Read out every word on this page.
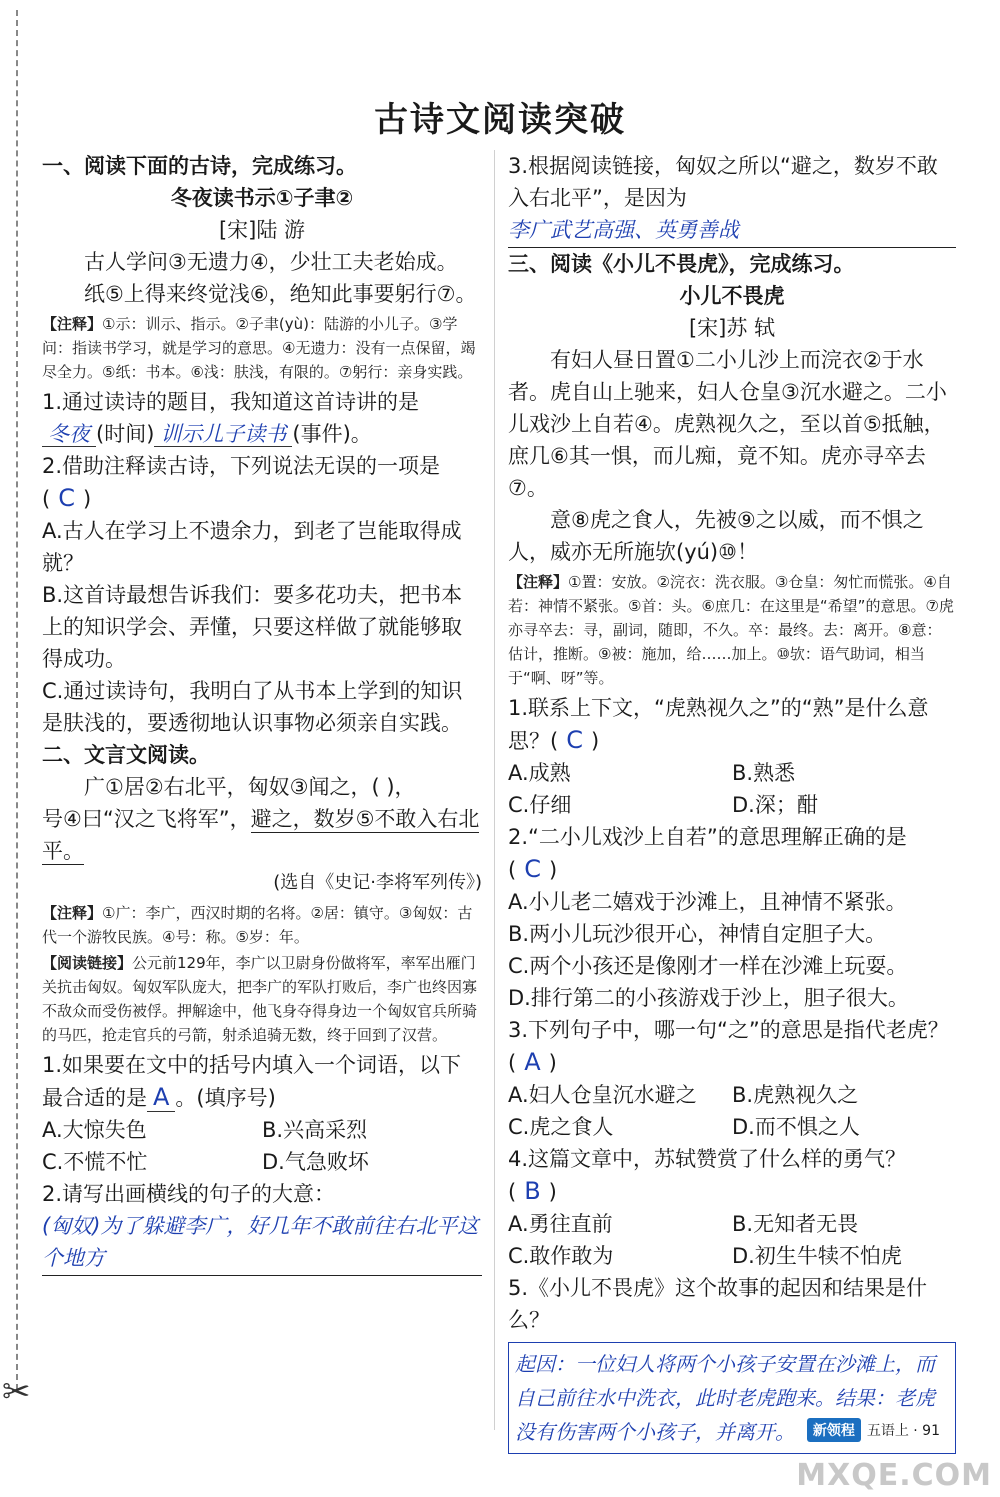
✂
古诗文阅读突破

一、阅读下面的古诗，完成练习。

冬夜读书示①子聿②

[宋]陆 游

古人学问③无遗力④，少壮工夫老始成。

纸⑤上得来终觉浅⑥，绝知此事要躬行⑦。

【注释】①示：训示、指示。②子聿(yù)：陆游的小儿子。③学问：指读书学习，就是学习的意思。④无遗力：没有一点保留，竭尽全力。⑤纸：书本。⑥浅：肤浅，有限的。⑦躬行：亲身实践。

1.通过读诗的题目，我知道这首诗讲的是

冬夜 (时间) 训示儿子读书 (事件)。

2.借助注释读古诗，下列说法无误的一项是

( C )

A.古人在学习上不遗余力，到老了岂能取得成就？

B.这首诗最想告诉我们：要多花功夫，把书本上的知识学会、弄懂，只要这样做了就能够取得成功。

C.通过读诗句，我明白了从书本上学到的知识是肤浅的，要透彻地认识事物必须亲自实践。

二、文言文阅读。

广①居②右北平，匈奴③闻之，( )，

号④曰“汉之飞将军”，避之，数岁⑤不敢入右北平。

(选自《史记·李将军列传》)

【注释】①广：李广，西汉时期的名将。②居：镇守。③匈奴：古代一个游牧民族。④号：称。⑤岁：年。

【阅读链接】公元前129年，李广以卫尉身份做将军，率军出雁门关抗击匈奴。匈奴军队庞大，把李广的军队打败后，李广也终因寡不敌众而受伤被俘。押解途中，他飞身夺得身边一个匈奴官兵所骑的马匹，抢走官兵的弓箭，射杀追骑无数，终于回到了汉营。

1.如果要在文中的括号内填入一个词语，以下最合适的是 A 。(填序号)

A.大惊失色	B.兴高采烈
C.不慌不忙	D.气急败坏

2.请写出画横线的句子的大意：

(匈奴)为了躲避李广，好几年不敢前往右北平这个地方

3.根据阅读链接，匈奴之所以“避之，数岁不敢入右北平”，是因为

李广武艺高强、英勇善战

三、阅读《小儿不畏虎》，完成练习。

小儿不畏虎

[宋]苏 轼

有妇人昼日置①二小儿沙上而浣衣②于水者。虎自山上驰来，妇人仓皇③沉水避之。二小儿戏沙上自若④。虎熟视久之，至以首⑤抵触，庶几⑥其一惧，而儿痴，竟不知。虎亦寻卒去⑦。

意⑧虎之食人，先被⑨之以威，而不惧之人，威亦无所施欤(yú)⑩！

【注释】①置：安放。②浣衣：洗衣服。③仓皇：匆忙而慌张。④自若：神情不紧张。⑤首：头。⑥庶几：在这里是“希望”的意思。⑦虎亦寻卒去：寻，副词，随即，不久。卒：最终。去：离开。⑧意：估计，推断。⑨被：施加，给……加上。⑩欤：语气助词，相当于“啊、呀”等。

1.联系上下文，“虎熟视久之”的“熟”是什么意思？( C )

A.成熟	B.熟悉
C.仔细	D.深；酣

2.“二小儿戏沙上自若”的意思理解正确的是

( C )

A.小儿老二嬉戏于沙滩上，且神情不紧张。

B.两小儿玩沙很开心，神情自定胆子大。

C.两个小孩还是像刚才一样在沙滩上玩耍。

D.排行第二的小孩游戏于沙上，胆子很大。

3.下列句子中，哪一句“之”的意思是指代老虎？( A )

A.妇人仓皇沉水避之	B.虎熟视久之
C.虎之食人	D.而不惧之人

4.这篇文章中，苏轼赞赏了什么样的勇气？

( B )

A.勇往直前	B.无知者无畏
C.敢作敢为	D.初生牛犊不怕虎

5.《小儿不畏虎》这个故事的起因和结果是什么？

起因：一位妇人将两个小孩子安置在沙滩上，而自己前往水中洗衣，此时老虎跑来。结果：老虎没有伤害两个小孩子，并离开。	新领程 五语上 · 91
MXQE.COM
